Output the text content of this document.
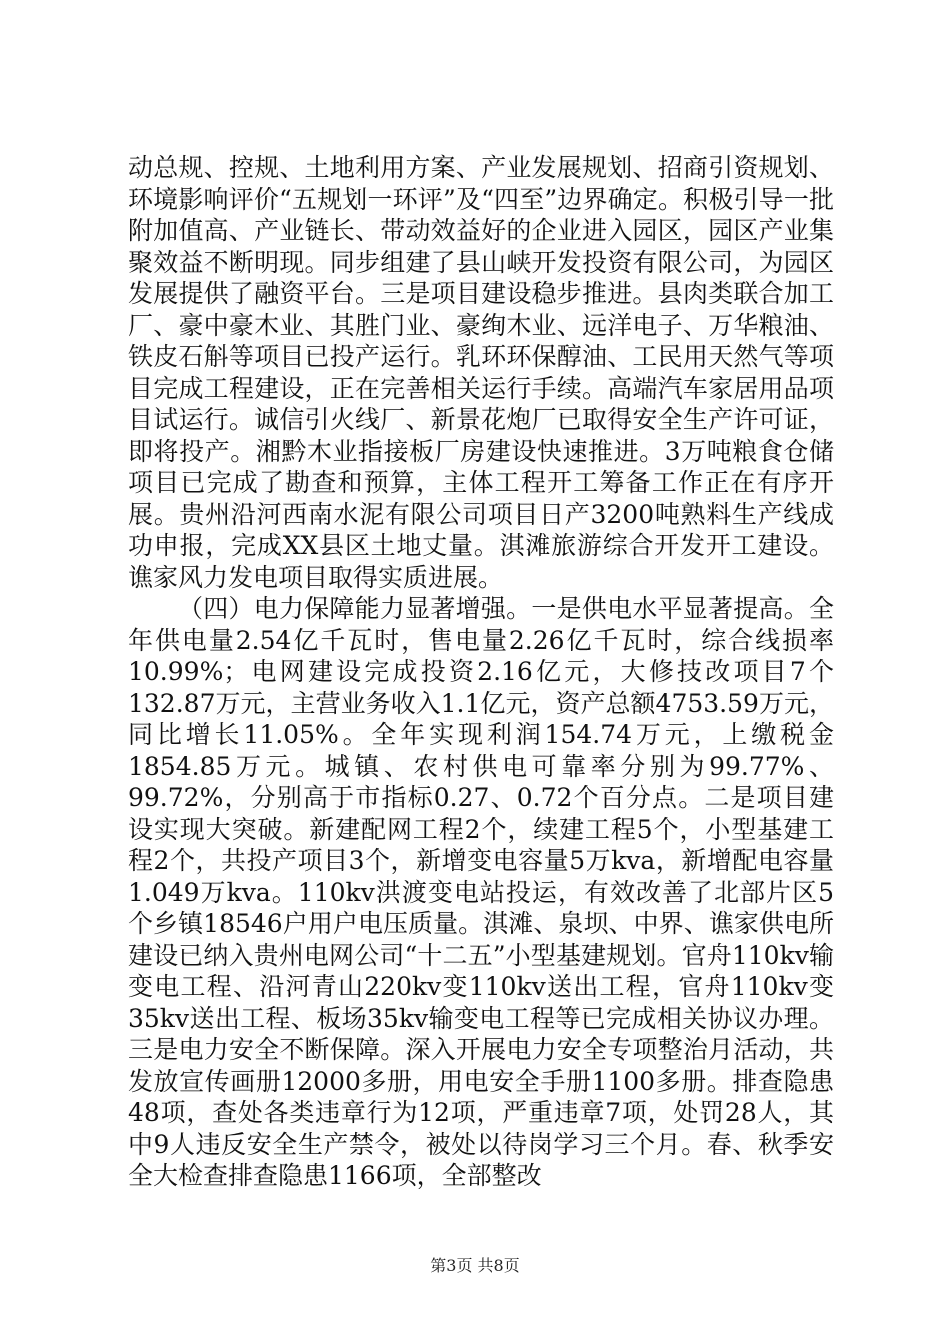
动总规、控规、土地利用方案、产业发展规划、招商引资规划、环境影响评价“五规划一环评”及“四至”边界确定。积极引导一批附加值高、产业链长、带动效益好的企业进入园区，园区产业集聚效益不断明现。同步组建了县山峡开发投资有限公司，为园区发展提供了融资平台。三是项目建设稳步推进。县肉类联合加工厂、豪中豪木业、其胜门业、豪绚木业、远洋电子、万华粮油、铁皮石斛等项目已投产运行。乳环环保醇油、工民用天然气等项目完成工程建设，正在完善相关运行手续。高端汽车家居用品项目试运行。诚信引火线厂、新景花炮厂已取得安全生产许可证，即将投产。湘黔木业指接板厂房建设快速推进。3万吨粮食仓储项目已完成了勘查和预算，主体工程开工筹备工作正在有序开展。贵州沿河西南水泥有限公司项目日产3200吨熟料生产线成功申报，完成XX县区土地丈量。淇滩旅游综合开发开工建设。谯家风力发电项目取得实质进展。

（四）电力保障能力显著增强。一是供电水平显著提高。全年供电量2.54亿千瓦时，售电量2.26亿千瓦时，综合线损率10.99%；电网建设完成投资2.16亿元，大修技改项目7个132.87万元，主营业务收入1.1亿元，资产总额4753.59万元，同比增长11.05%。全年实现利润154.74万元，上缴税金1854.85万元。城镇、农村供电可靠率分别为99.77%、99.72%，分别高于市指标0.27、0.72个百分点。二是项目建设实现大突破。新建配网工程2个，续建工程5个，小型基建工程2个，共投产项目3个，新增变电容量5万kva，新增配电容量1.049万kva。110kv洪渡变电站投运，有效改善了北部片区5个乡镇18546户用户电压质量。淇滩、泉坝、中界、谯家供电所建设已纳入贵州电网公司“十二五”小型基建规划。官舟110kv输变电工程、沿河青山220kv变110kv送出工程，官舟110kv变35kv送出工程、板场35kv输变电工程等已完成相关协议办理。三是电力安全不断保障。深入开展电力安全专项整治月活动，共发放宣传画册12000多册，用电安全手册1100多册。排查隐患48项，查处各类违章行为12项，严重违章7项，处罚28人，其中9人违反安全生产禁令，被处以待岗学习三个月。春、秋季安全大检查排查隐患1166项，全部整改

第3页 共8页
